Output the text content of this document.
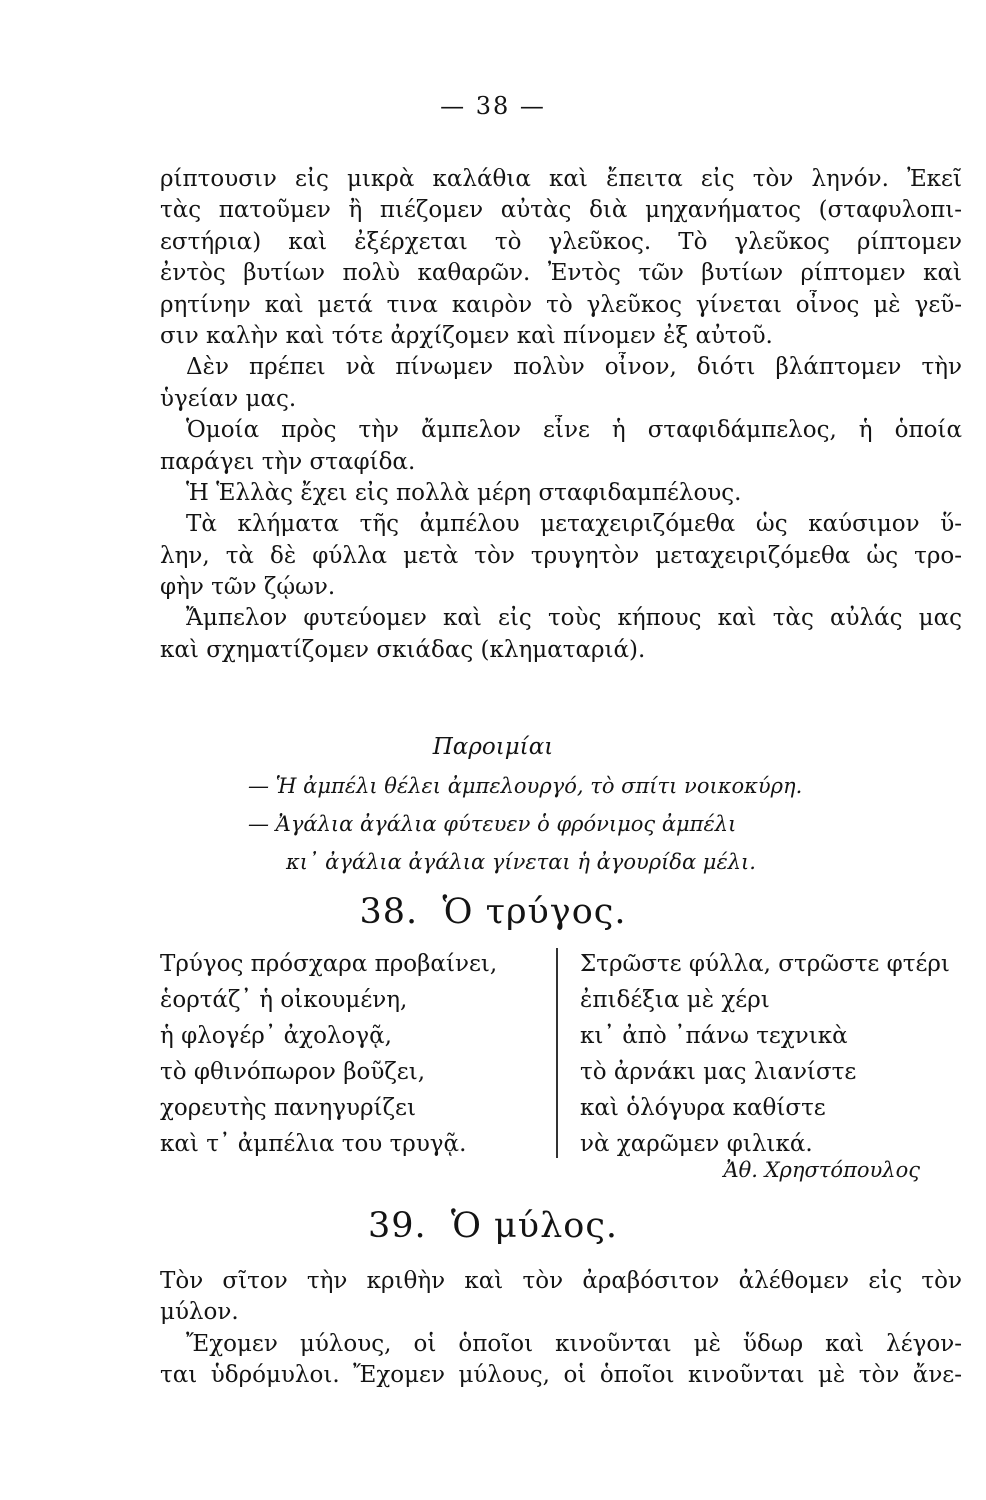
— 38 —
ρίπτουσιν εἰς μικρὰ καλάθια καὶ ἔπειτα εἰς τὸν ληνόν. Ἐκεῖ
τὰς πατοῦμεν ἢ πιέζομεν αὐτὰς διὰ μηχανήματος (σταφυλοπι-
εστήρια) καὶ ἐξέρχεται τὸ γλεῦκος. Τὸ γλεῦκος ρίπτομεν
ἐντὸς βυτίων πολὺ καθαρῶν. Ἐντὸς τῶν βυτίων ρίπτομεν καὶ
ρητίνην καὶ μετά τινα καιρὸν τὸ γλεῦκος γίνεται οἶνος μὲ γεῦ-
σιν καλὴν καὶ τότε ἀρχίζομεν καὶ πίνομεν ἐξ αὐτοῦ.
Δὲν πρέπει νὰ πίνωμεν πολὺν οἶνον, διότι βλάπτομεν τὴν
ὑγείαν μας.
Ὁμοία πρὸς τὴν ἄμπελον εἶνε ἡ σταφιδάμπελος, ἡ ὁποία
παράγει τὴν σταφίδα.
Ἡ Ἑλλὰς ἔχει εἰς πολλὰ μέρη σταφιδαμπέλους.
Τὰ κλήματα τῆς ἀμπέλου μεταχειριζόμεθα ὡς καύσιμον ὕ-
λην, τὰ δὲ φύλλα μετὰ τὸν τρυγητὸν μεταχειριζόμεθα ὡς τρο-
φὴν τῶν ζῴων.
Ἄμπελον φυτεύομεν καὶ εἰς τοὺς κήπους καὶ τὰς αὐλάς μας
καὶ σχηματίζομεν σκιάδας (κληματαριά).
Παροιμίαι
— Ἡ ἀμπέλι θέλει ἀμπελουργό, τὸ σπίτι νοικοκύρη.
— Ἀγάλια ἀγάλια φύτευεν ὁ φρόνιμος ἀμπέλι
κι᾽ ἀγάλια ἀγάλια γίνεται ἡ ἀγουρίδα μέλι.
38.  Ὁ τρύγος.
Τρύγος πρόσχαρα προβαίνει,
ἑορτάζ᾽ ἡ οἰκουμένη,
ἡ φλογέρ᾽ ἀχολογᾷ,
τὸ φθινόπωρον βοῦζει,
χορευτὴς πανηγυρίζει
καὶ τ᾽ ἀμπέλια του τρυγᾷ.
Στρῶστε φύλλα, στρῶστε φτέρι
ἐπιδέξια μὲ χέρι
κι᾽ ἀπὸ ᾽πάνω τεχνικὰ
τὸ ἀρνάκι μας λιανίστε
καὶ ὁλόγυρα καθίστε
νὰ χαρῶμεν φιλικά.
Ἀθ. Χρηστόπουλος
39.  Ὁ μύλος.
Τὸν σῖτον τὴν κριθὴν καὶ τὸν ἀραβόσιτον ἀλέθομεν εἰς τὸν
μύλον.
Ἔχομεν μύλους, οἱ ὁποῖοι κινοῦνται μὲ ὕδωρ καὶ λέγον-
ται ὑδρόμυλοι. Ἔχομεν μύλους, οἱ ὁποῖοι κινοῦνται μὲ τὸν ἄνε-
